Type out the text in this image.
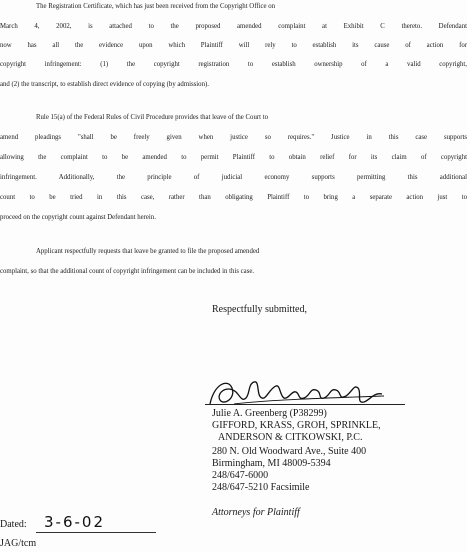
The Registration Certificate, which has just been received from the Copyright Office on
March 4, 2002, is attached to the proposed amended complaint at Exhibit C thereto. Defendant
now has all the evidence upon which Plaintiff will rely to establish its cause of action for
copyright infringement: (1) the copyright registration to establish ownership of a valid copyright,
and (2) the transcript, to establish direct evidence of copying (by admission).
Rule 15(a) of the Federal Rules of Civil Procedure provides that leave of the Court to
amend pleadings "shall be freely given when justice so requires." Justice in this case supports
allowing the complaint to be amended to permit Plaintiff to obtain relief for its claim of copyright
infringement. Additionally, the principle of judicial economy supports permitting this additional
count to be tried in this case, rather than obligating Plaintiff to bring a separate action just to
proceed on the copyright count against Defendant herein.
Applicant respectfully requests that leave be granted to file the proposed amended
complaint, so that the additional count of copyright infringement can be included in this case.
Respectfully submitted,
Julie A. Greenberg (P38299)
GIFFORD, KRASS, GROH, SPRINKLE,
ANDERSON & CITKOWSKI, P.C.
280 N. Old Woodward Ave., Suite 400
Birmingham, MI 48009-5394
248/647-6000
248/647-5210 Facsimile
Attorneys for Plaintiff
Dated: 3-6-02
JAG/tcm
